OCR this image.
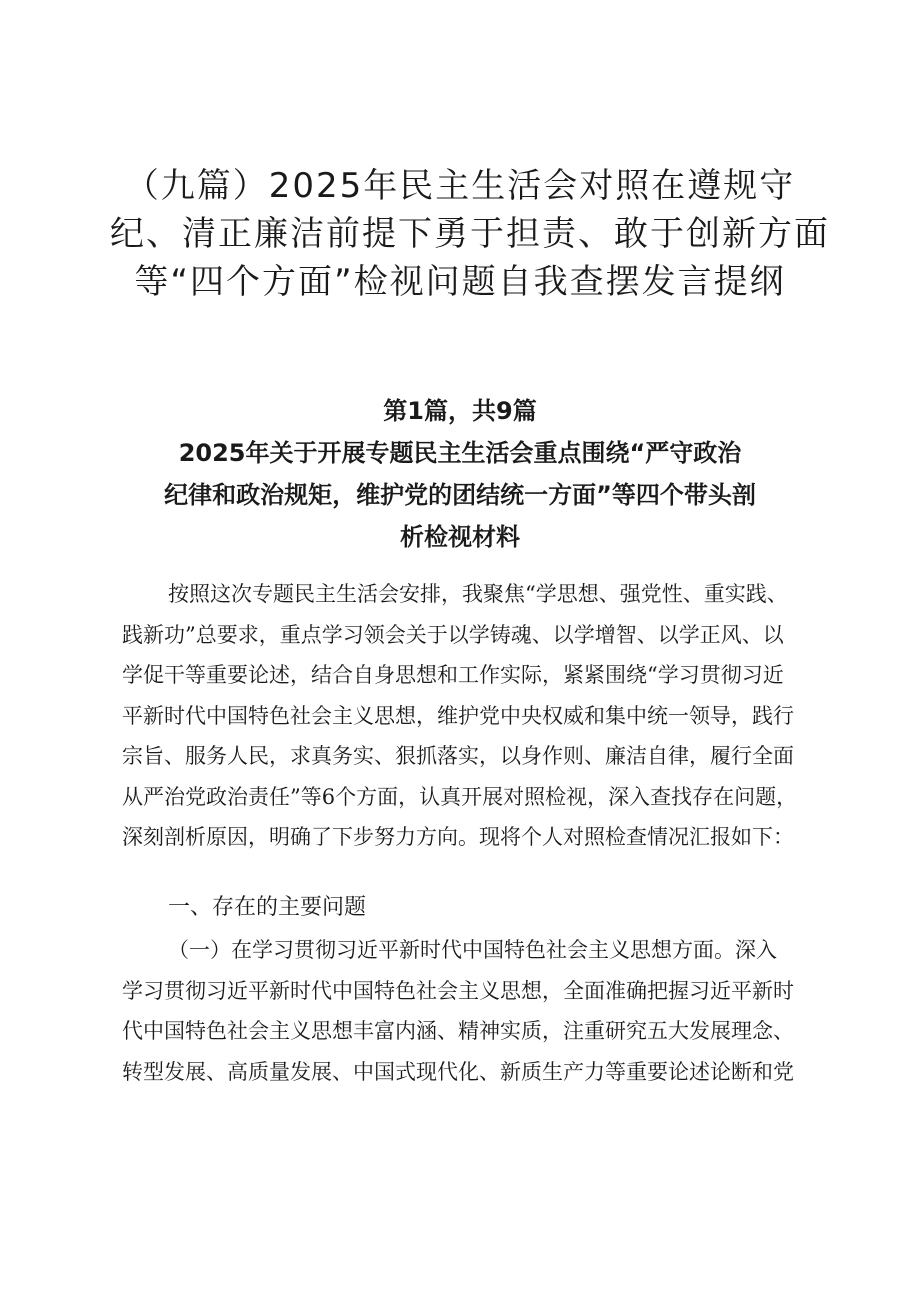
（九篇）2025年民主生活会对照在遵规守
纪、清正廉洁前提下勇于担责、敢于创新方面
等“四个方面”检视问题自我查摆发言提纲
第1篇，共9篇
2025年关于开展专题民主生活会重点围绕“严守政治
纪律和政治规矩，维护党的团结统一方面”等四个带头剖
析检视材料
按照这次专题民主生活会安排，我聚焦“学思想、强党性、重实践、
践新功”总要求，重点学习领会关于以学铸魂、以学增智、以学正风、以
学促干等重要论述，结合自身思想和工作实际，紧紧围绕“学习贯彻习近
平新时代中国特色社会主义思想，维护党中央权威和集中统一领导，践行
宗旨、服务人民，求真务实、狠抓落实，以身作则、廉洁自律，履行全面
从严治党政治责任”等6个方面，认真开展对照检视，深入查找存在问题，
深刻剖析原因，明确了下步努力方向。现将个人对照检查情况汇报如下：
一、存在的主要问题
（一）在学习贯彻习近平新时代中国特色社会主义思想方面。深入
学习贯彻习近平新时代中国特色社会主义思想，全面准确把握习近平新时
代中国特色社会主义思想丰富内涵、精神实质，注重研究五大发展理念、
转型发展、高质量发展、中国式现代化、新质生产力等重要论述论断和党
